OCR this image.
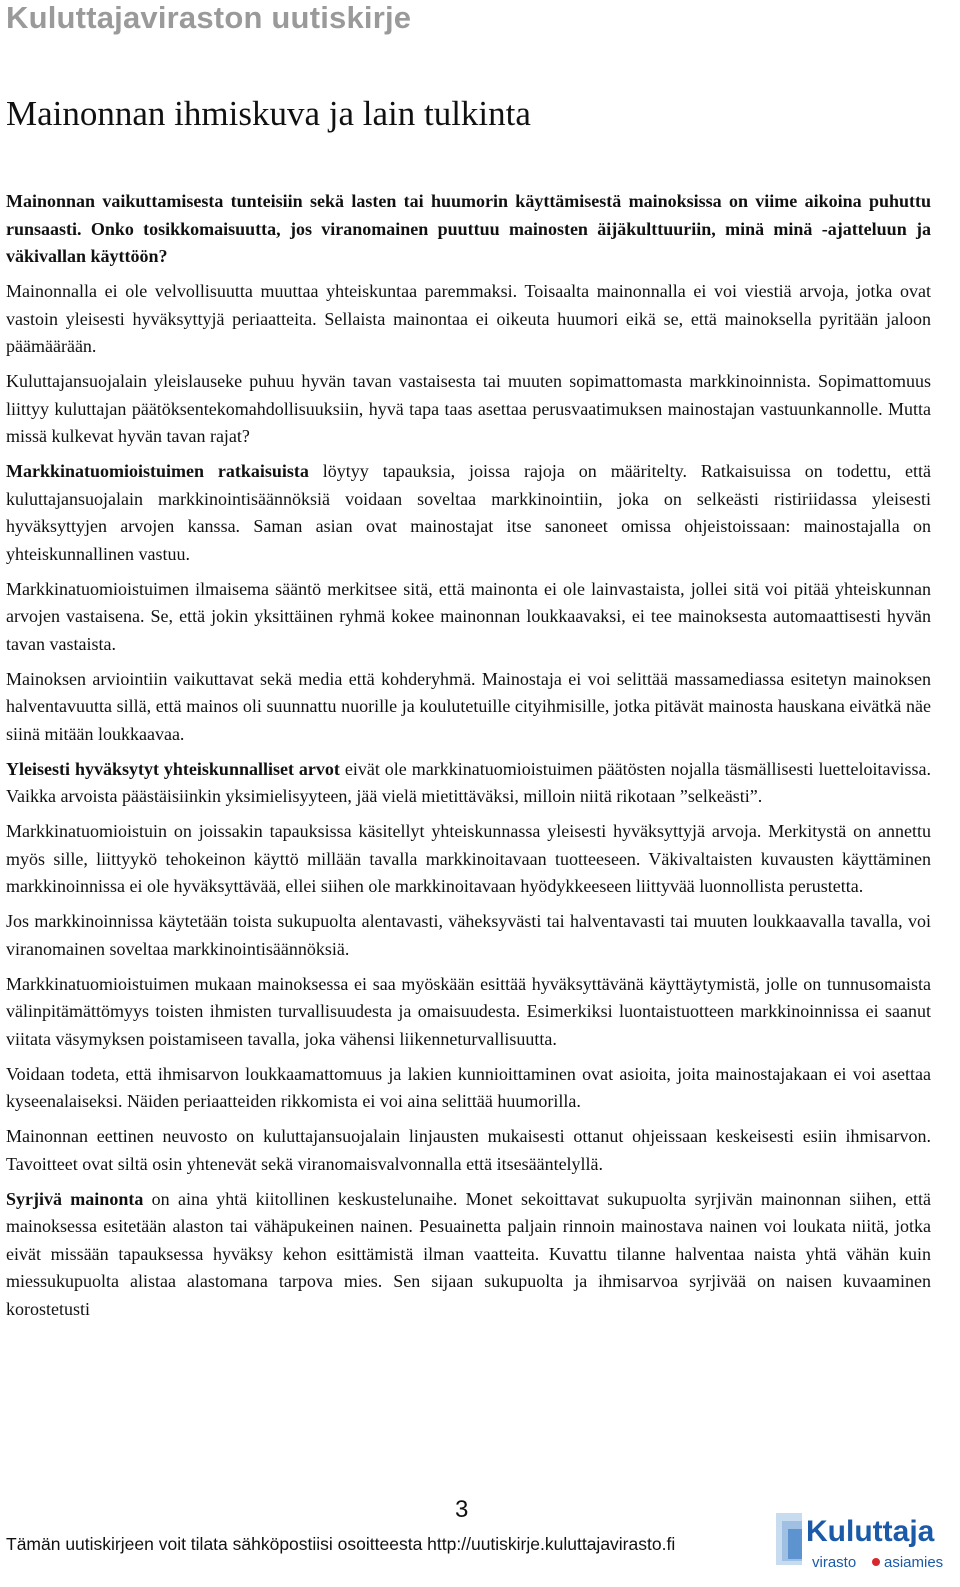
Kuluttajaviraston uutiskirje
Mainonnan ihmiskuva ja lain tulkinta

Mainonnan vaikuttamisesta tunteisiin sekä lasten tai huumorin käyttämisestä mainoksissa on viime aikoina puhuttu runsaasti. Onko tosikkomaisuutta, jos viranomainen puuttuu mainosten äijäkulttuuriin, minä minä -ajatteluun ja väkivallan käyttöön?

Mainonnalla ei ole velvollisuutta muuttaa yhteiskuntaa paremmaksi. Toisaalta mainonnalla ei voi viestiä arvoja, jotka ovat vastoin yleisesti hyväksyttyjä periaatteita. Sellaista mainontaa ei oikeuta huumori eikä se, että mainoksella pyritään jaloon päämäärään.

Kuluttajansuojalain yleislauseke puhuu hyvän tavan vastaisesta tai muuten sopimattomasta markkinoinnista. Sopimattomuus liittyy kuluttajan päätöksentekomahdollisuuksiin, hyvä tapa taas asettaa perusvaatimuksen mainostajan vastuunkannolle. Mutta missä kulkevat hyvän tavan rajat?

Markkinatuomioistuimen ratkaisuista löytyy tapauksia, joissa rajoja on määritelty. Ratkaisuissa on todettu, että kuluttajansuojalain markkinointisäännöksiä voidaan soveltaa markkinointiin, joka on selkeästi ristiriidassa yleisesti hyväksyttyjen arvojen kanssa. Saman asian ovat mainostajat itse sanoneet omissa ohjeistoissaan: mainostajalla on yhteiskunnallinen vastuu.

Markkinatuomioistuimen ilmaisema sääntö merkitsee sitä, että mainonta ei ole lainvastaista, jollei sitä voi pitää yhteiskunnan arvojen vastaisena. Se, että jokin yksittäinen ryhmä kokee mainonnan loukkaavaksi, ei tee mainoksesta automaattisesti hyvän tavan vastaista.

Mainoksen arviointiin vaikuttavat sekä media että kohderyhmä. Mainostaja ei voi selittää massamediassa esitetyn mainoksen halventavuutta sillä, että mainos oli suunnattu nuorille ja koulutetuille cityihmisille, jotka pitävät mainosta hauskana eivätkä näe siinä mitään loukkaavaa.

Yleisesti hyväksytyt yhteiskunnalliset arvot eivät ole markkinatuomioistuimen päätösten nojalla täsmällisesti luetteloitavissa. Vaikka arvoista päästäisiinkin yksimielisyyteen, jää vielä mietittäväksi, milloin niitä rikotaan ”selkeästi”.

Markkinatuomioistuin on joissakin tapauksissa käsitellyt yhteiskunnassa yleisesti hyväksyttyjä arvoja. Merkitystä on annettu myös sille, liittyykö tehokeinon käyttö millään tavalla markkinoitavaan tuotteeseen. Väkivaltaisten kuvausten käyttäminen markkinoinnissa ei ole hyväksyttävää, ellei siihen ole markkinoitavaan hyödykkeeseen liittyvää luonnollista perustetta.

Jos markkinoinnissa käytetään toista sukupuolta alentavasti, väheksyvästi tai halventavasti tai muuten loukkaavalla tavalla, voi viranomainen soveltaa markkinointisäännöksiä.

Markkinatuomioistuimen mukaan mainoksessa ei saa myöskään esittää hyväksyttävänä käyttäytymistä, jolle on tunnusomaista välinpitämättömyys toisten ihmisten turvallisuudesta ja omaisuudesta. Esimerkiksi luontaistuotteen markkinoinnissa ei saanut viitata väsymyksen poistamiseen tavalla, joka vähensi liikenneturvallisuutta.

Voidaan todeta, että ihmisarvon loukkaamattomuus ja lakien kunnioittaminen ovat asioita, joita mainostajakaan ei voi asettaa kyseenalaiseksi. Näiden periaatteiden rikkomista ei voi aina selittää huumorilla.

Mainonnan eettinen neuvosto on kuluttajansuojalain linjausten mukaisesti ottanut ohjeissaan keskeisesti esiin ihmisarvon. Tavoitteet ovat siltä osin yhtenevät sekä viranomaisvalvonnalla että itsesääntelyllä.

Syrjivä mainonta on aina yhtä kiitollinen keskustelunaihe. Monet sekoittavat sukupuolta syrjivän mainonnan siihen, että mainoksessa esitetään alaston tai vähäpukeinen nainen. Pesuainetta paljain rinnoin mainostava nainen voi loukata niitä, jotka eivät missään tapauksessa hyväksy kehon esittämistä ilman vaatteita. Kuvattu tilanne halventaa naista yhtä vähän kuin miessukupuolta alistaa alastomana tarpova mies. Sen sijaan sukupuolta ja ihmisarvoa syrjivää on naisen kuvaaminen korostetusti

3
Tämän uutiskirjeen voit tilata sähköpostiisi osoitteesta http://uutiskirje.kuluttajavirasto.fi	Kuluttaja
virasto asiamies
